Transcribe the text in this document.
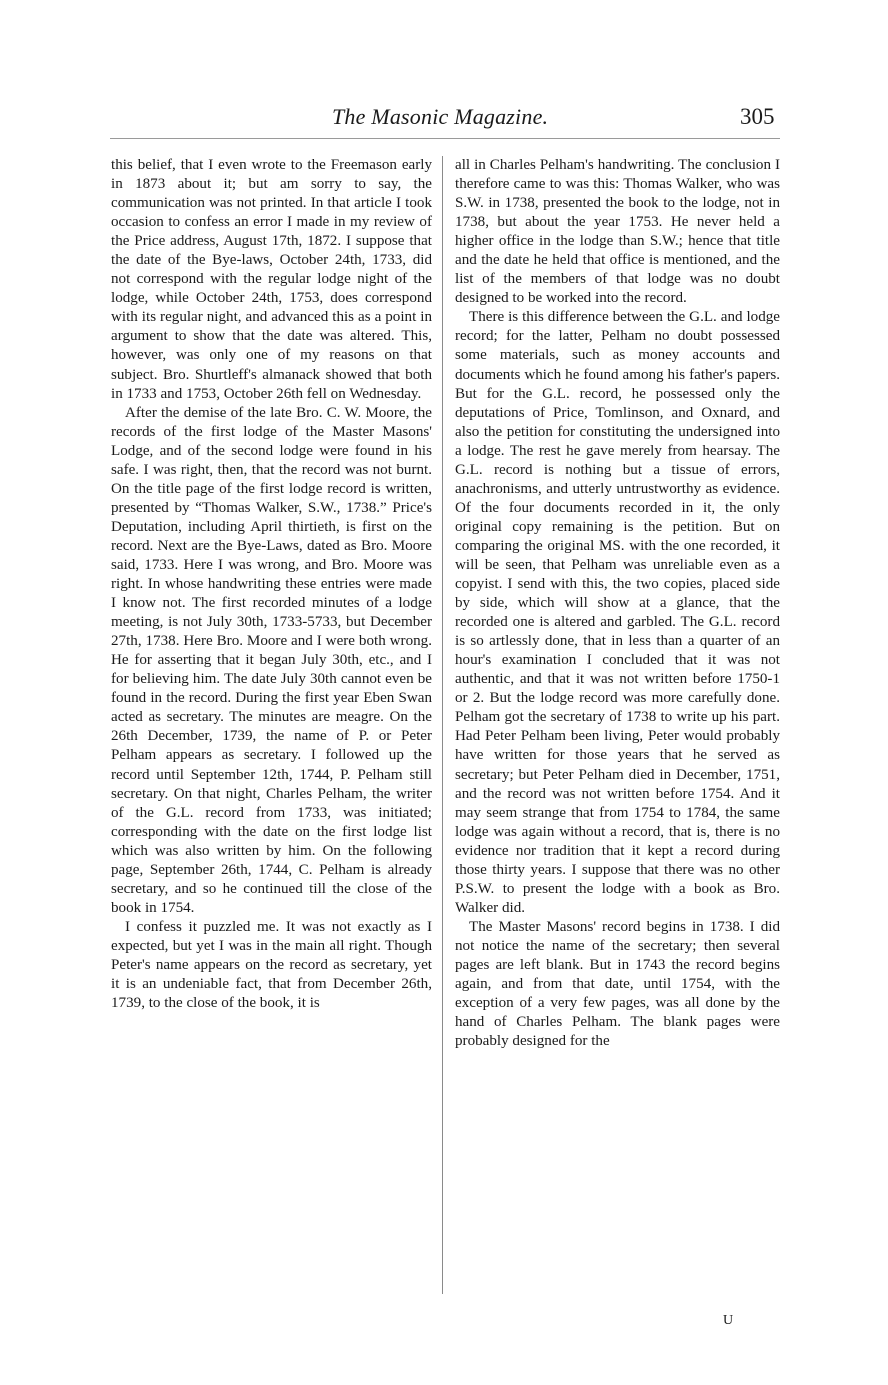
The Masonic Magazine.	305

this belief, that I even wrote to the Freemason early in 1873 about it; but am sorry to say, the communication was not printed. In that article I took occasion to confess an error I made in my review of the Price address, August 17th, 1872. I suppose that the date of the Bye-laws, October 24th, 1733, did not correspond with the regular lodge night of the lodge, while October 24th, 1753, does correspond with its regular night, and advanced this as a point in argument to show that the date was altered. This, however, was only one of my reasons on that subject. Bro. Shurtleff's almanack showed that both in 1733 and 1753, October 26th fell on Wednesday.

After the demise of the late Bro. C. W. Moore, the records of the first lodge of the Master Masons' Lodge, and of the second lodge were found in his safe. I was right, then, that the record was not burnt. On the title page of the first lodge record is written, presented by “Thomas Walker, S.W., 1738.” Price's Deputation, including April thirtieth, is first on the record. Next are the Bye-Laws, dated as Bro. Moore said, 1733. Here I was wrong, and Bro. Moore was right. In whose handwriting these entries were made I know not. The first recorded minutes of a lodge meeting, is not July 30th, 1733-5733, but December 27th, 1738. Here Bro. Moore and I were both wrong. He for asserting that it began July 30th, etc., and I for believing him. The date July 30th cannot even be found in the record. During the first year Eben Swan acted as secretary. The minutes are meagre. On the 26th December, 1739, the name of P. or Peter Pelham appears as secretary. I followed up the record until September 12th, 1744, P. Pelham still secretary. On that night, Charles Pelham, the writer of the G.L. record from 1733, was initiated; corresponding with the date on the first lodge list which was also written by him. On the following page, September 26th, 1744, C. Pelham is already secretary, and so he continued till the close of the book in 1754.

I confess it puzzled me. It was not exactly as I expected, but yet I was in the main all right. Though Peter's name appears on the record as secretary, yet it is an undeniable fact, that from December 26th, 1739, to the close of the book, it is

all in Charles Pelham's handwriting. The conclusion I therefore came to was this: Thomas Walker, who was S.W. in 1738, presented the book to the lodge, not in 1738, but about the year 1753. He never held a higher office in the lodge than S.W.; hence that title and the date he held that office is mentioned, and the list of the members of that lodge was no doubt designed to be worked into the record.

There is this difference between the G.L. and lodge record; for the latter, Pelham no doubt possessed some materials, such as money accounts and documents which he found among his father's papers. But for the G.L. record, he possessed only the deputations of Price, Tomlinson, and Oxnard, and also the petition for constituting the undersigned into a lodge. The rest he gave merely from hearsay. The G.L. record is nothing but a tissue of errors, anachronisms, and utterly untrustworthy as evidence. Of the four documents recorded in it, the only original copy remaining is the petition. But on comparing the original MS. with the one recorded, it will be seen, that Pelham was unreliable even as a copyist. I send with this, the two copies, placed side by side, which will show at a glance, that the recorded one is altered and garbled. The G.L. record is so artlessly done, that in less than a quarter of an hour's examination I concluded that it was not authentic, and that it was not written before 1750-1 or 2. But the lodge record was more carefully done. Pelham got the secretary of 1738 to write up his part. Had Peter Pelham been living, Peter would probably have written for those years that he served as secretary; but Peter Pelham died in December, 1751, and the record was not written before 1754. And it may seem strange that from 1754 to 1784, the same lodge was again without a record, that is, there is no evidence nor tradition that it kept a record during those thirty years. I suppose that there was no other P.S.W. to present the lodge with a book as Bro. Walker did.

The Master Masons' record begins in 1738. I did not notice the name of the secretary; then several pages are left blank. But in 1743 the record begins again, and from that date, until 1754, with the exception of a very few pages, was all done by the hand of Charles Pelham. The blank pages were probably designed for the

U
